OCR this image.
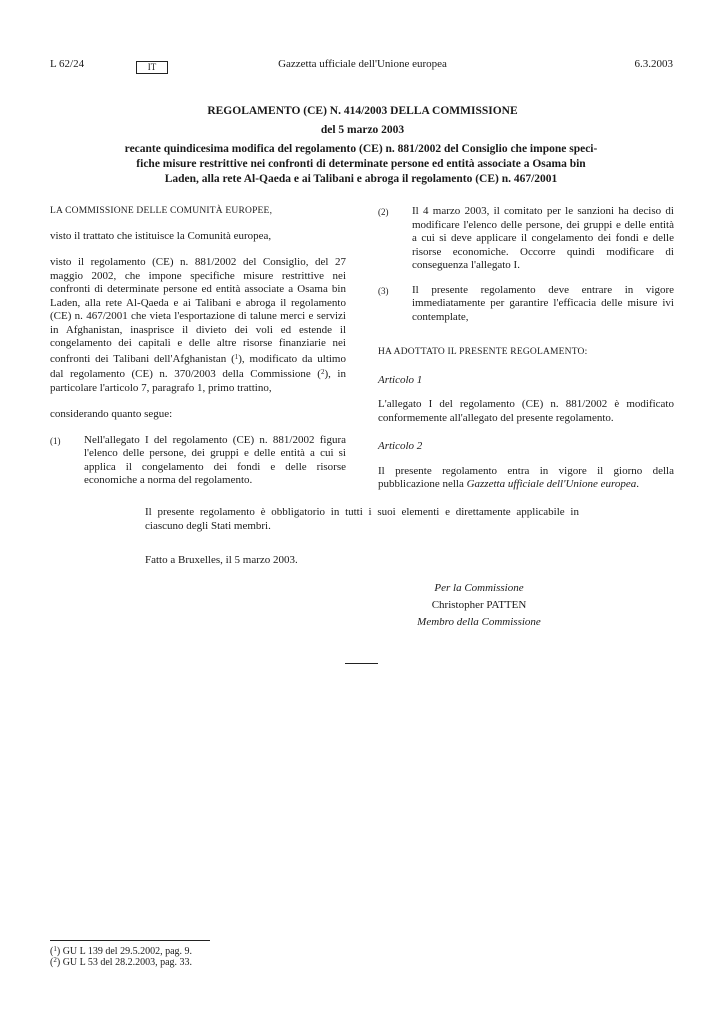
L 62/24	IT	Gazzetta ufficiale dell'Unione europea	6.3.2003
REGOLAMENTO (CE) N. 414/2003 DELLA COMMISSIONE
del 5 marzo 2003
recante quindicesima modifica del regolamento (CE) n. 881/2002 del Consiglio che impone speci-
fiche misure restrittive nei confronti di determinate persone ed entità associate a Osama bin
Laden, alla rete Al-Qaeda e ai Talibani e abroga il regolamento (CE) n. 467/2001

LA COMMISSIONE DELLE COMUNITÀ EUROPEE,

visto il trattato che istituisce la Comunità europea,

visto il regolamento (CE) n. 881/2002 del Consiglio, del 27 maggio 2002, che impone specifiche misure restrittive nei confronti di determinate persone ed entità associate a Osama bin Laden, alla rete Al-Qaeda e ai Talibani e abroga il regolamento (CE) n. 467/2001 che vieta l'esportazione di talune merci e servizi in Afghanistan, inasprisce il divieto dei voli ed estende il congelamento dei capitali e delle altre risorse finanziarie nei confronti dei Talibani dell'Afghanistan ($^1$), modificato da ultimo dal regolamento (CE) n. 370/2003 della Commissione ($^2$), in particolare l'articolo 7, paragrafo 1, primo trattino,

considerando quanto segue:

(1)	Nell'allegato I del regolamento (CE) n. 881/2002 figura l'elenco delle persone, dei gruppi e delle entità a cui si applica il congelamento dei fondi e delle risorse economiche a norma del regolamento.
(2)	Il 4 marzo 2003, il comitato per le sanzioni ha deciso di modificare l'elenco delle persone, dei gruppi e delle entità a cui si deve applicare il congelamento dei fondi e delle risorse economiche. Occorre quindi modificare di conseguenza l'allegato I.
(3)	Il presente regolamento deve entrare in vigore immediatamente per garantire l'efficacia delle misure ivi contemplate,

HA ADOTTATO IL PRESENTE REGOLAMENTO:

Articolo 1

L'allegato I del regolamento (CE) n. 881/2002 è modificato conformemente all'allegato del presente regolamento.

Articolo 2

Il presente regolamento entra in vigore il giorno della pubblicazione nella Gazzetta ufficiale dell'Unione europea.

Il presente regolamento è obbligatorio in tutti i suoi elementi e direttamente applicabile in ciascuno degli Stati membri.
Fatto a Bruxelles, il 5 marzo 2003.
Per la Commissione
Christopher PATTEN
Membro della Commissione
($^1$) GU L 139 del 29.5.2002, pag. 9.
($^2$) GU L 53 del 28.2.2003, pag. 33.
